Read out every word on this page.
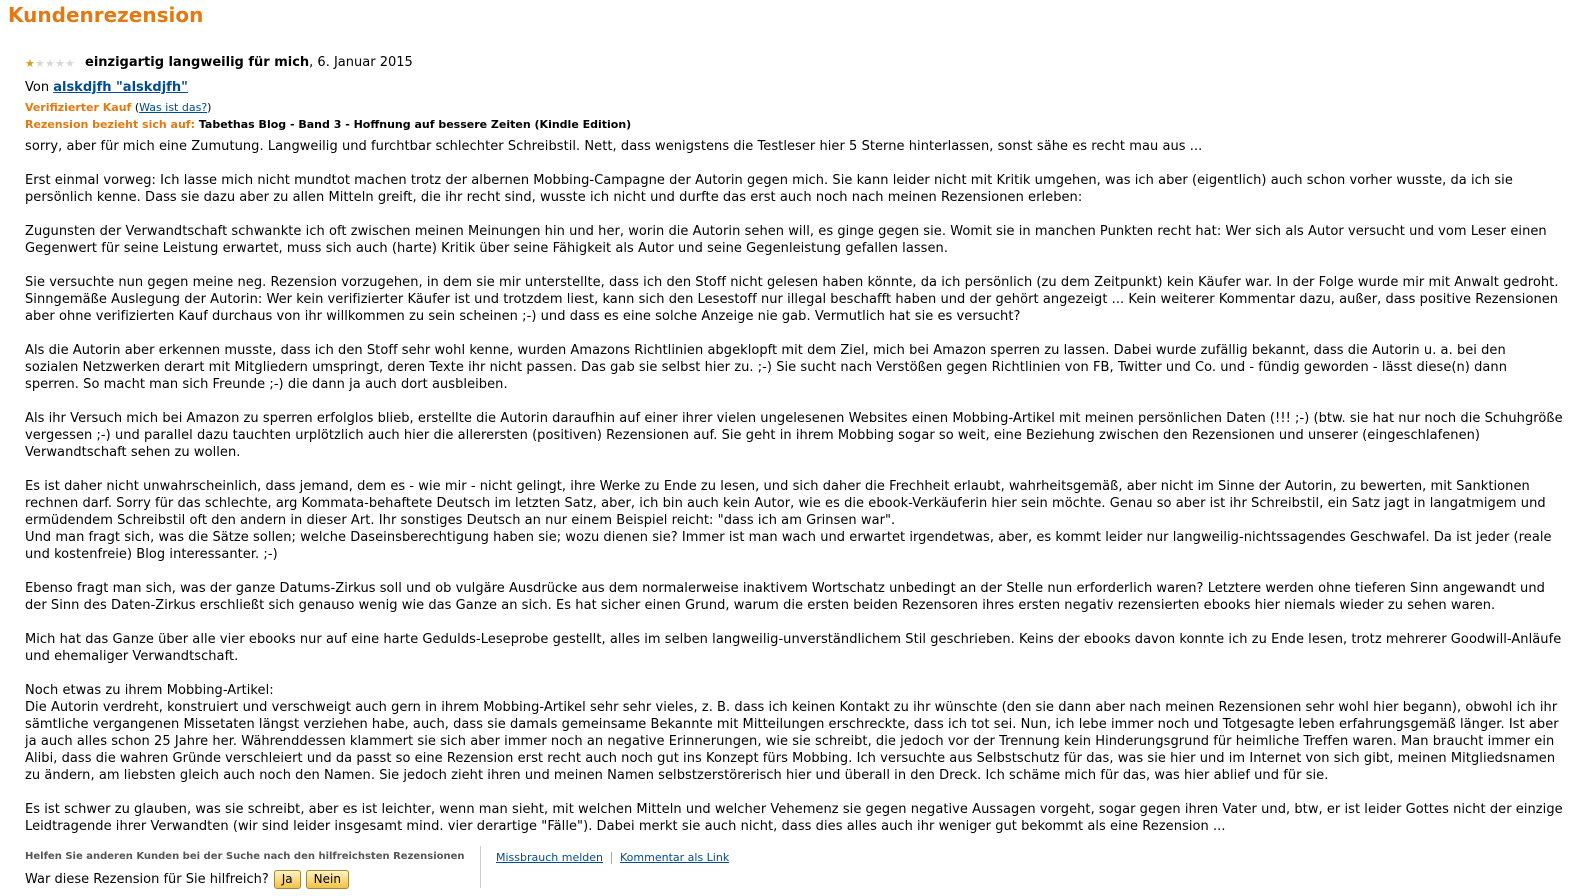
Kundenrezension
★ ★ ★ ★ ★ einzigartig langweilig für mich , 6. Januar 2015
Von alskdjfh "alskdjfh"
Verifizierter Kauf (Was ist das?)
Rezension bezieht sich auf: Tabethas Blog - Band 3 - Hoffnung auf bessere Zeiten (Kindle Edition)
sorry, aber für mich eine Zumutung. Langweilig und furchtbar schlechter Schreibstil. Nett, dass wenigstens die Testleser hier 5 Sterne hinterlassen, sonst sähe es recht mau aus ...

Erst einmal vorweg: Ich lasse mich nicht mundtot machen trotz der albernen Mobbing-Campagne der Autorin gegen mich. Sie kann leider nicht mit Kritik umgehen, was ich aber (eigentlich) auch schon vorher wusste, da ich sie persönlich kenne. Dass sie dazu aber zu allen Mitteln greift, die ihr recht sind, wusste ich nicht und durfte das erst auch noch nach meinen Rezensionen erleben:

Zugunsten der Verwandtschaft schwankte ich oft zwischen meinen Meinungen hin und her, worin die Autorin sehen will, es ginge gegen sie. Womit sie in manchen Punkten recht hat: Wer sich als Autor versucht und vom Leser einen Gegenwert für seine Leistung erwartet, muss sich auch (harte) Kritik über seine Fähigkeit als Autor und seine Gegenleistung gefallen lassen.

Sie versuchte nun gegen meine neg. Rezension vorzugehen, in dem sie mir unterstellte, dass ich den Stoff nicht gelesen haben könnte, da ich persönlich (zu dem Zeitpunkt) kein Käufer war. In der Folge wurde mir mit Anwalt gedroht. Sinngemäße Auslegung der Autorin: Wer kein verifizierter Käufer ist und trotzdem liest, kann sich den Lesestoff nur illegal beschafft haben und der gehört angezeigt ... Kein weiterer Kommentar dazu, außer, dass positive Rezensionen aber ohne verifizierten Kauf durchaus von ihr willkommen zu sein scheinen ;-) und dass es eine solche Anzeige nie gab. Vermutlich hat sie es versucht?

Als die Autorin aber erkennen musste, dass ich den Stoff sehr wohl kenne, wurden Amazons Richtlinien abgeklopft mit dem Ziel, mich bei Amazon sperren zu lassen. Dabei wurde zufällig bekannt, dass die Autorin u. a. bei den sozialen Netzwerken derart mit Mitgliedern umspringt, deren Texte ihr nicht passen. Das gab sie selbst hier zu. ;-) Sie sucht nach Verstößen gegen Richtlinien von FB, Twitter und Co. und - fündig geworden - lässt diese(n) dann sperren. So macht man sich Freunde ;-) die dann ja auch dort ausbleiben.

Als ihr Versuch mich bei Amazon zu sperren erfolglos blieb, erstellte die Autorin daraufhin auf einer ihrer vielen ungelesenen Websites einen Mobbing-Artikel mit meinen persönlichen Daten (!!! ;-) (btw. sie hat nur noch die Schuhgröße vergessen ;-) und parallel dazu tauchten urplötzlich auch hier die allerersten (positiven) Rezensionen auf. Sie geht in ihrem Mobbing sogar so weit, eine Beziehung zwischen den Rezensionen und unserer (eingeschlafenen) Verwandtschaft sehen zu wollen.

Es ist daher nicht unwahrscheinlich, dass jemand, dem es - wie mir - nicht gelingt, ihre Werke zu Ende zu lesen, und sich daher die Frechheit erlaubt, wahrheitsgemäß, aber nicht im Sinne der Autorin, zu bewerten, mit Sanktionen rechnen darf. Sorry für das schlechte, arg Kommata-behaftete Deutsch im letzten Satz, aber, ich bin auch kein Autor, wie es die ebook-Verkäuferin hier sein möchte. Genau so aber ist ihr Schreibstil, ein Satz jagt in langatmigem und ermüdendem Schreibstil oft den andern in dieser Art. Ihr sonstiges Deutsch an nur einem Beispiel reicht: "dass ich am Grinsen war".
Und man fragt sich, was die Sätze sollen; welche Daseinsberechtigung haben sie; wozu dienen sie? Immer ist man wach und erwartet irgendetwas, aber, es kommt leider nur langweilig-nichtssagendes Geschwafel. Da ist jeder (reale und kostenfreie) Blog interessanter. ;-)

Ebenso fragt man sich, was der ganze Datums-Zirkus soll und ob vulgäre Ausdrücke aus dem normalerweise inaktivem Wortschatz unbedingt an der Stelle nun erforderlich waren? Letztere werden ohne tieferen Sinn angewandt und der Sinn des Daten-Zirkus erschließt sich genauso wenig wie das Ganze an sich. Es hat sicher einen Grund, warum die ersten beiden Rezensoren ihres ersten negativ rezensierten ebooks hier niemals wieder zu sehen waren.

Mich hat das Ganze über alle vier ebooks nur auf eine harte Gedulds-Leseprobe gestellt, alles im selben langweilig-unverständlichem Stil geschrieben. Keins der ebooks davon konnte ich zu Ende lesen, trotz mehrerer Goodwill-Anläufe und ehemaliger Verwandtschaft.

Noch etwas zu ihrem Mobbing-Artikel:
Die Autorin verdreht, konstruiert und verschweigt auch gern in ihrem Mobbing-Artikel sehr sehr vieles, z. B. dass ich keinen Kontakt zu ihr wünschte (den sie dann aber nach meinen Rezensionen sehr wohl hier begann), obwohl ich ihr sämtliche vergangenen Missetaten längst verziehen habe, auch, dass sie damals gemeinsame Bekannte mit Mitteilungen erschreckte, dass ich tot sei. Nun, ich lebe immer noch und Totgesagte leben erfahrungsgemäß länger. Ist aber ja auch alles schon 25 Jahre her. Währenddessen klammert sie sich aber immer noch an negative Erinnerungen, wie sie schreibt, die jedoch vor der Trennung kein Hinderungsgrund für heimliche Treffen waren. Man braucht immer ein Alibi, dass die wahren Gründe verschleiert und da passt so eine Rezension erst recht auch noch gut ins Konzept fürs Mobbing. Ich versuchte aus Selbstschutz für das, was sie hier und im Internet von sich gibt, meinen Mitgliedsnamen zu ändern, am liebsten gleich auch noch den Namen. Sie jedoch zieht ihren und meinen Namen selbstzerstörerisch hier und überall in den Dreck. Ich schäme mich für das, was hier ablief und für sie.

Es ist schwer zu glauben, was sie schreibt, aber es ist leichter, wenn man sieht, mit welchen Mitteln und welcher Vehemenz sie gegen negative Aussagen vorgeht, sogar gegen ihren Vater und, btw, er ist leider Gottes nicht der einzige Leidtragende ihrer Verwandten (wir sind leider insgesamt mind. vier derartige "Fälle"). Dabei merkt sie auch nicht, dass dies alles auch ihr weniger gut bekommt als eine Rezension ...
Helfen Sie anderen Kunden bei der Suche nach den hilfreichsten Rezensionen
War diese Rezension für Sie hilfreich?	Ja	Nein
Missbrauch melden Kommentar als Link
